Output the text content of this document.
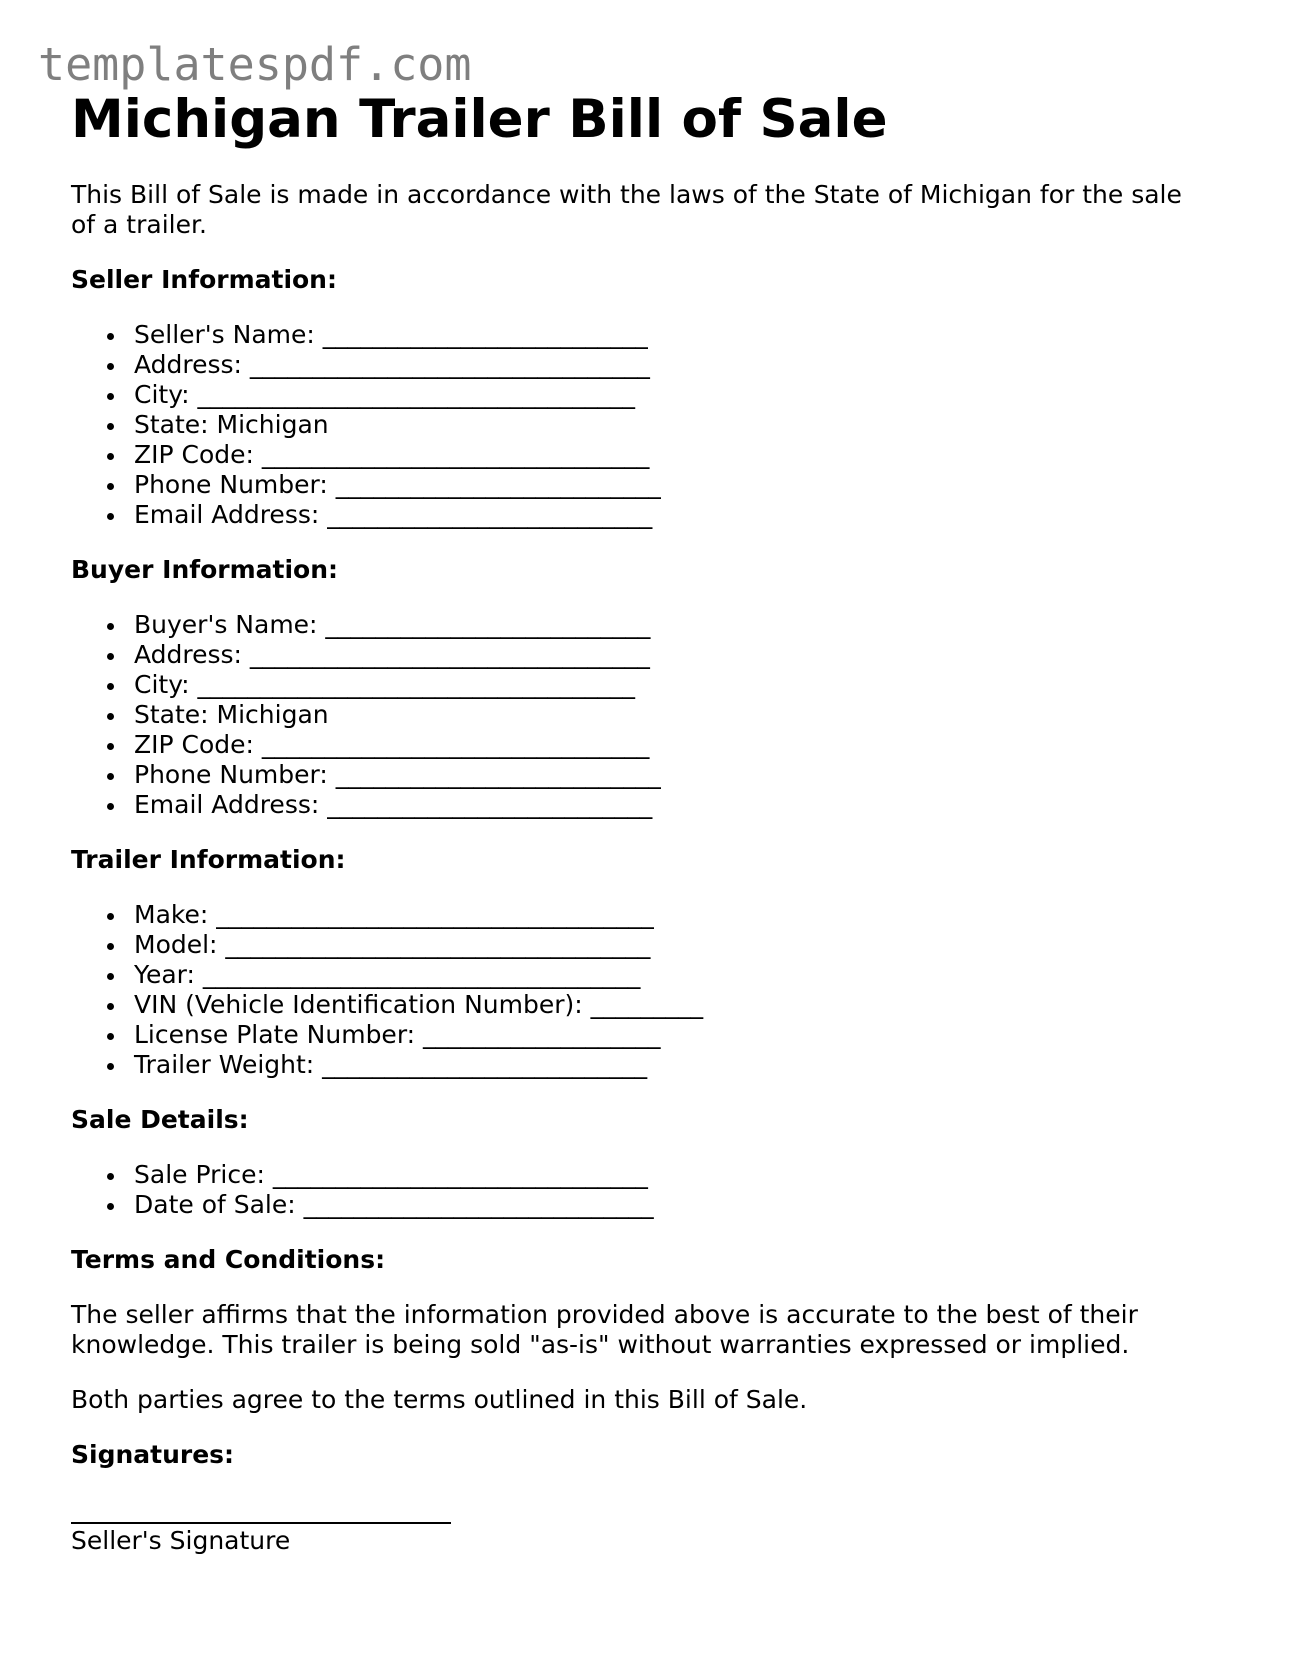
templatespdf.com
Michigan Trailer Bill of Sale

This Bill of Sale is made in accordance with the laws of the State of Michigan for the sale of a trailer.

Seller Information:
Seller's Name: __________________________
Address: ________________________________
City: ___________________________________
State: Michigan
ZIP Code: _______________________________
Phone Number: __________________________
Email Address: __________________________
Buyer Information:
Buyer's Name: __________________________
Address: ________________________________
City: ___________________________________
State: Michigan
ZIP Code: _______________________________
Phone Number: __________________________
Email Address: __________________________
Trailer Information:
Make: ___________________________________
Model: __________________________________
Year: ___________________________________
VIN (Vehicle Identification Number): _________
License Plate Number: ___________________
Trailer Weight: __________________________
Sale Details:
Sale Price: ______________________________
Date of Sale: ____________________________
Terms and Conditions:

The seller affirms that the information provided above is accurate to the best of their knowledge. This trailer is being sold "as-is" without warranties expressed or implied.

Both parties agree to the terms outlined in this Bill of Sale.

Signatures:
Seller's Signature
